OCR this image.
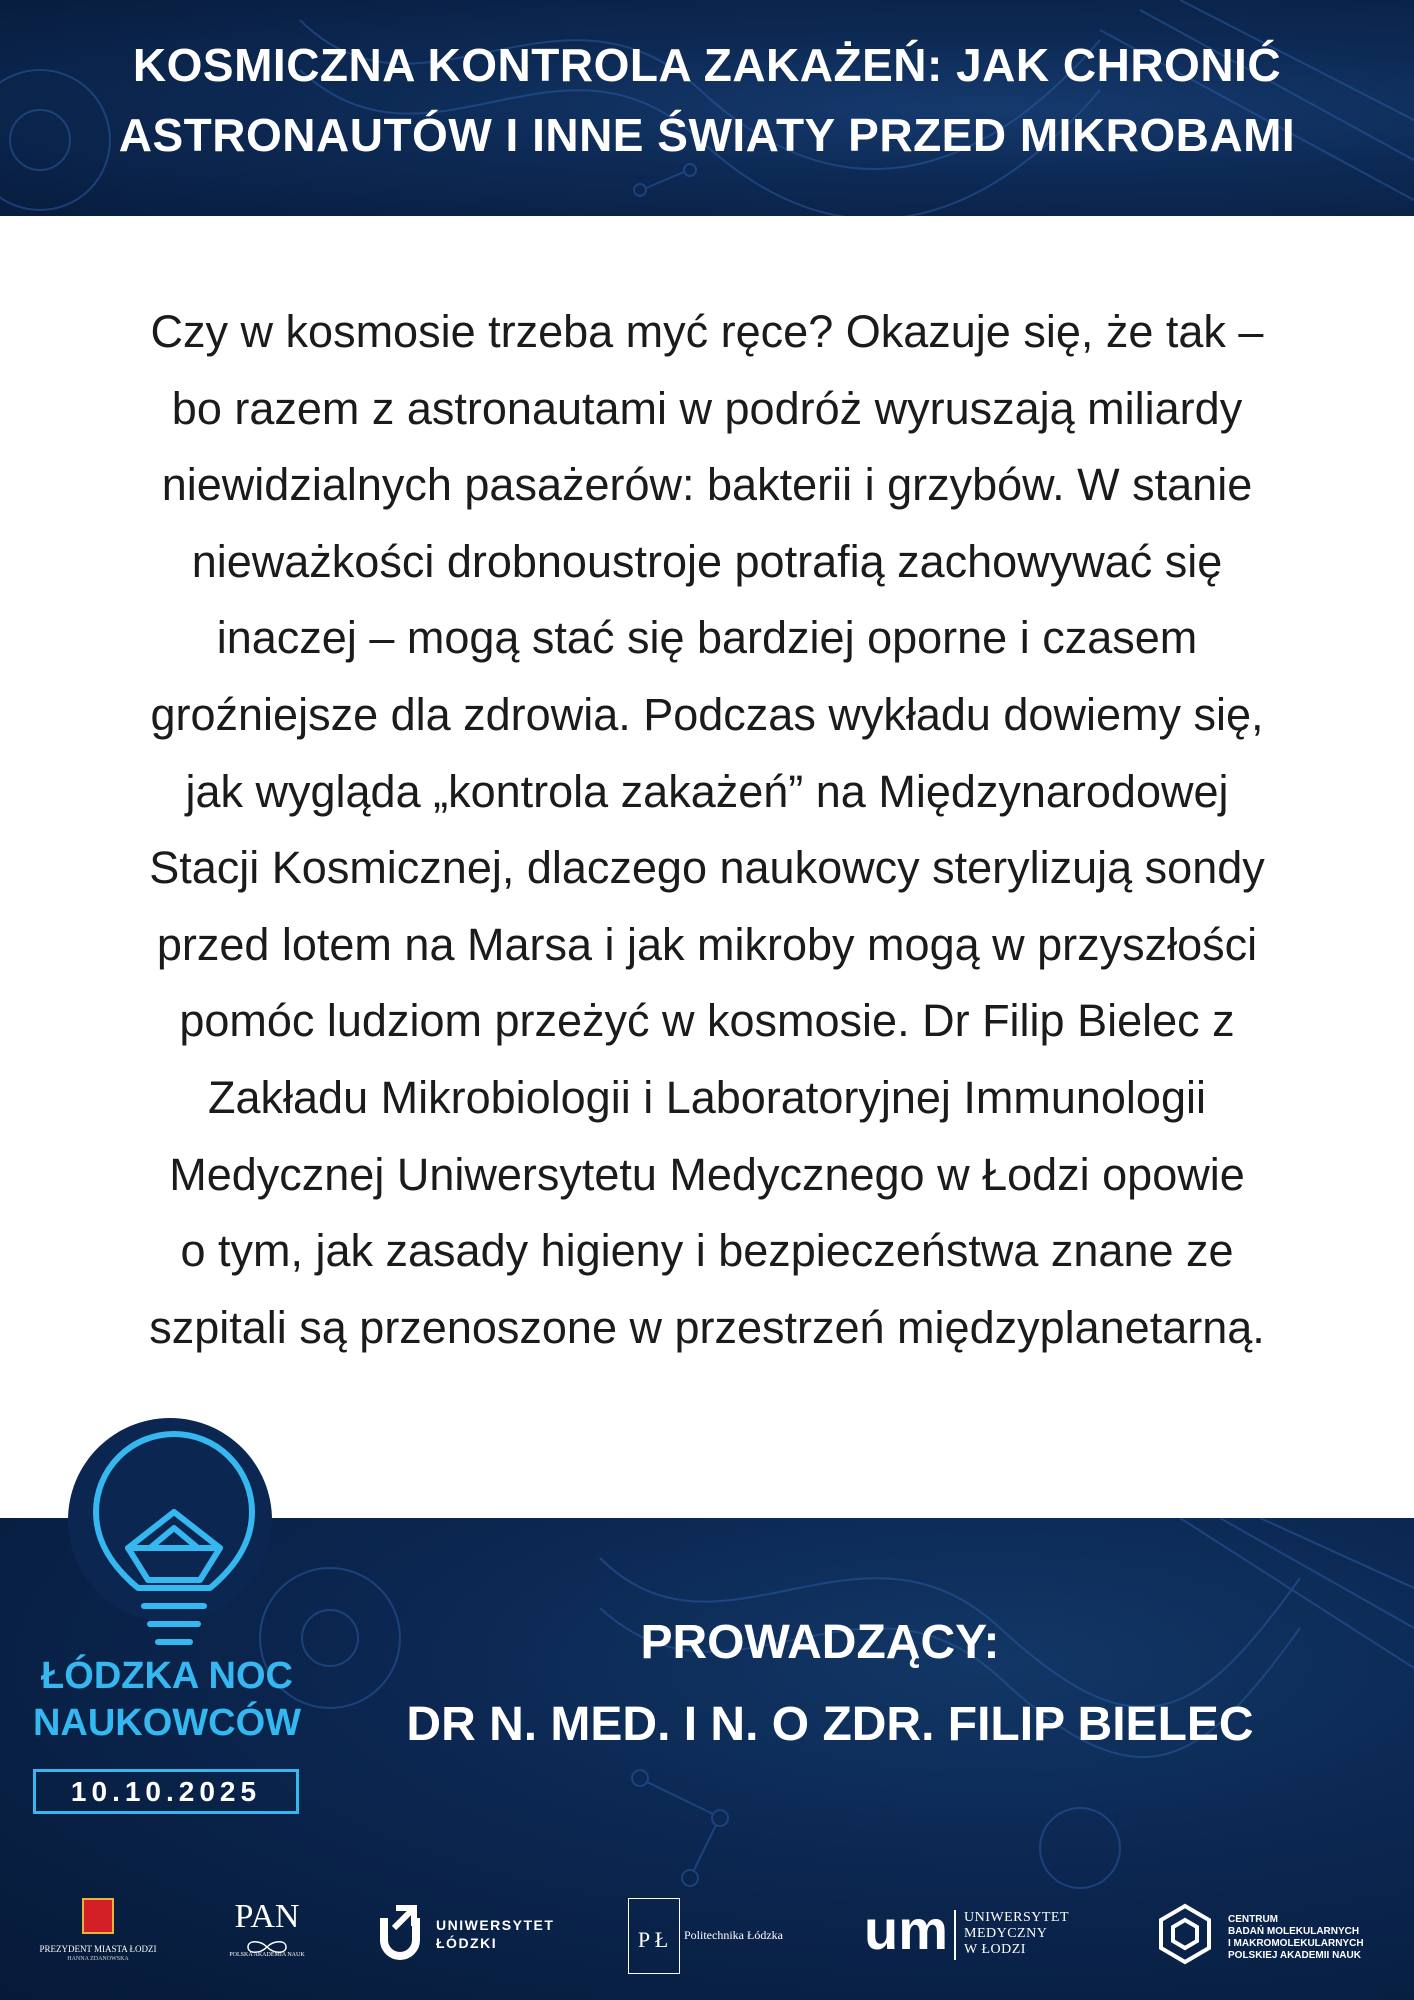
KOSMICZNA KONTROLA ZAKAŻEŃ: JAK CHRONIĆ
ASTRONAUTÓW I INNE ŚWIATY PRZED MIKROBAMI
Czy w kosmosie trzeba myć ręce? Okazuje się, że tak –
bo razem z astronautami w podróż wyruszają miliardy
niewidzialnych pasażerów: bakterii i grzybów. W stanie
nieważkości drobnoustroje potrafią zachowywać się
inaczej – mogą stać się bardziej oporne i czasem
groźniejsze dla zdrowia. Podczas wykładu dowiemy się,
jak wygląda „kontrola zakażeń” na Międzynarodowej
Stacji Kosmicznej, dlaczego naukowcy sterylizują sondy
przed lotem na Marsa i jak mikroby mogą w przyszłości
pomóc ludziom przeżyć w kosmosie. Dr Filip Bielec z
Zakładu Mikrobiologii i Laboratoryjnej Immunologii
Medycznej Uniwersytetu Medycznego w Łodzi opowie
o tym, jak zasady higieny i bezpieczeństwa znane ze
szpitali są przenoszone w przestrzeń międzyplanetarną.
ŁÓDZKA NOC
NAUKOWCÓW
10.10.2025
PROWADZĄCY:
DR N. MED. I N. O ZDR. FILIP BIELEC
PREZYDENT MIASTA ŁODZI
HANNA ZDANOWSKA
PAN
POLSKA AKADEMIA NAUK
UNIWERSYTET
ŁÓDZKI	P Ł Politechnika Łódzka um UNIWERSYTET
MEDYCZNY
W ŁODZI
CENTRUM
BADAŃ MOLEKULARNYCH
I MAKROMOLEKULARNYCH
POLSKIEJ AKADEMII NAUK
